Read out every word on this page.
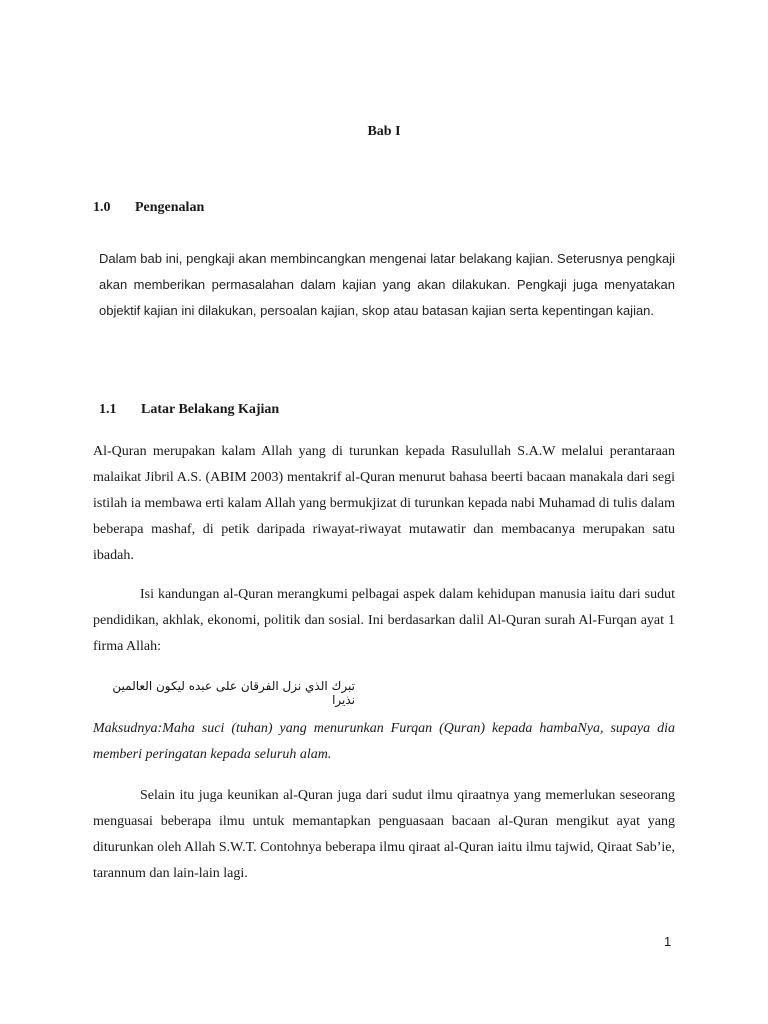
Bab I

1.0 Pengenalan

Dalam bab ini, pengkaji akan membincangkan mengenai latar belakang kajian. Seterusnya pengkaji akan memberikan permasalahan dalam kajian yang akan dilakukan. Pengkaji juga menyatakan objektif kajian ini dilakukan, persoalan kajian, skop atau batasan kajian serta kepentingan kajian.

1.1 Latar Belakang Kajian

Al-Quran merupakan kalam Allah yang di turunkan kepada Rasulullah S.A.W melalui perantaraan malaikat Jibril A.S. (ABIM 2003) mentakrif al-Quran menurut bahasa beerti bacaan manakala dari segi istilah ia membawa erti kalam Allah yang bermukjizat di turunkan kepada nabi Muhamad di tulis dalam beberapa mashaf, di petik daripada riwayat-riwayat mutawatir dan membacanya merupakan satu ibadah.

Isi kandungan al-Quran merangkumi pelbagai aspek dalam kehidupan manusia iaitu dari sudut pendidikan, akhlak, ekonomi, politik dan sosial. Ini berdasarkan dalil Al-Quran surah Al-Furqan ayat 1 firma Allah:

تبرك الذي نزل الفرقان على عبده ليكون العالمين نذيرا

Maksudnya:Maha suci (tuhan) yang menurunkan Furqan (Quran) kepada hambaNya, supaya dia memberi peringatan kepada seluruh alam.

Selain itu juga keunikan al-Quran juga dari sudut ilmu qiraatnya yang memerlukan seseorang menguasai beberapa ilmu untuk memantapkan penguasaan bacaan al-Quran mengikut ayat yang diturunkan oleh Allah S.W.T. Contohnya beberapa ilmu qiraat al-Quran iaitu ilmu tajwid, Qiraat Sab’ie, tarannum dan lain-lain lagi.

1
